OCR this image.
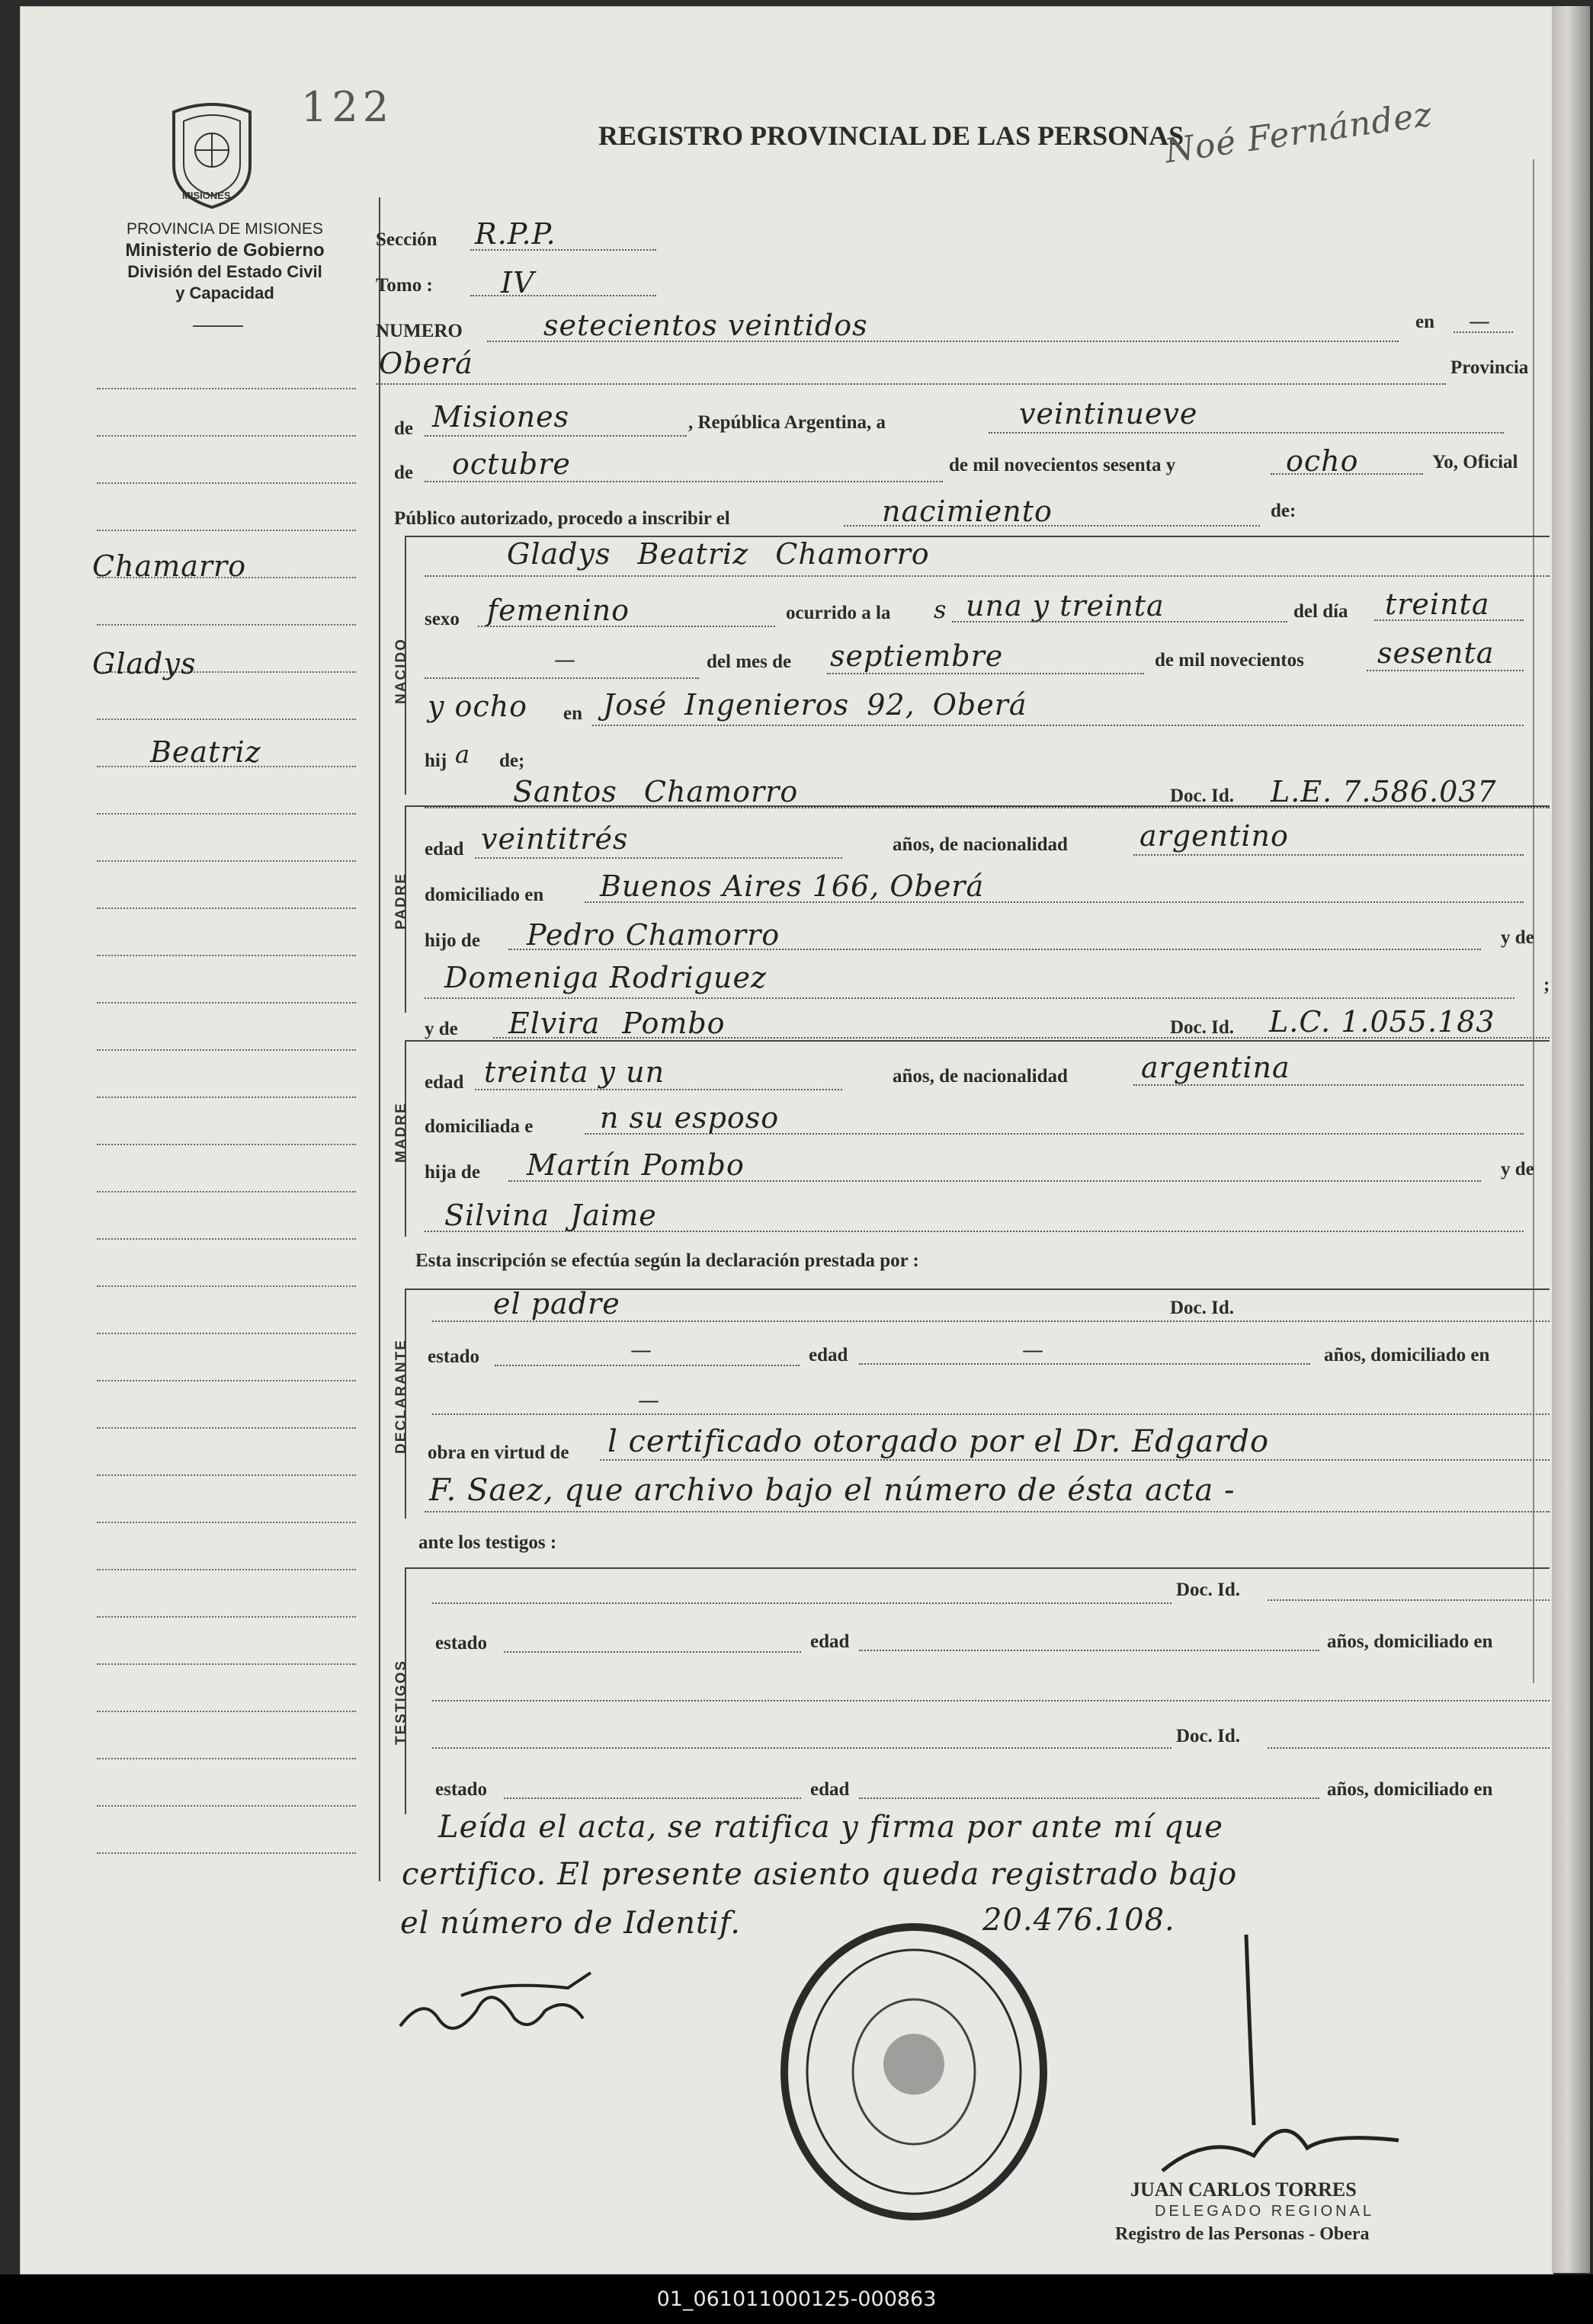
122
REGISTRO PROVINCIAL DE LAS PERSONAS
Noé Fernández
MISIONES
PROVINCIA DE MISIONES
Ministerio de Gobierno
División del Estado Civil
y Capacidad
Chamarro
Gladys
Beatriz
Sección R.P.P.
Tomo : IV
NUMERO	setecientos veintidos	en —
Oberá	Provincia
de Misiones	, República Argentina, a	veintinueve
de octubre	de mil novecientos sesenta y	ocho	Yo, Oficial
Público autorizado, procedo a inscribir el	nacimiento	de:
NACIDO
Gladys Beatriz Chamorro
sexo femenino	ocurrido a la s una y treinta	del día treinta
—	del mes de septiembre	de mil novecientos	sesenta
y ocho en José Ingenieros 92, Oberá
hij a de;
PADRE
Santos Chamorro	Doc. Id. L.E. 7.586.037
edad veintitrés	años, de nacionalidad argentino
domiciliado en Buenos Aires 166, Oberá
hijo de Pedro Chamorro	y de
Domeniga Rodriguez	;
MADRE
y de Elvira Pombo	Doc. Id. L.C. 1.055.183
edad treinta y un	años, de nacionalidad	argentina
domiciliada e n su esposo
hija de Martín Pombo	y de
Silvina Jaime
Esta inscripción se efectúa según la declaración prestada por :
DECLARANTE
el padre	Doc. Id.
estado	—	edad	—	años, domiciliado en
—
obra en virtud de l certificado otorgado por el Dr. Edgardo
F. Saez, que archivo bajo el número de ésta acta -
ante los testigos :
TESTIGOS
Doc. Id.
estado	edad	años, domiciliado en
Doc. Id.
estado	edad	años, domiciliado en
Leída el acta, se ratifica y firma por ante mí que
certifico. El presente asiento queda registrado bajo
el número de Identif.	20.476.108.
JUAN CARLOS TORRES
DELEGADO REGIONAL
Registro de las Personas - Obera
01_061011000125-000863
